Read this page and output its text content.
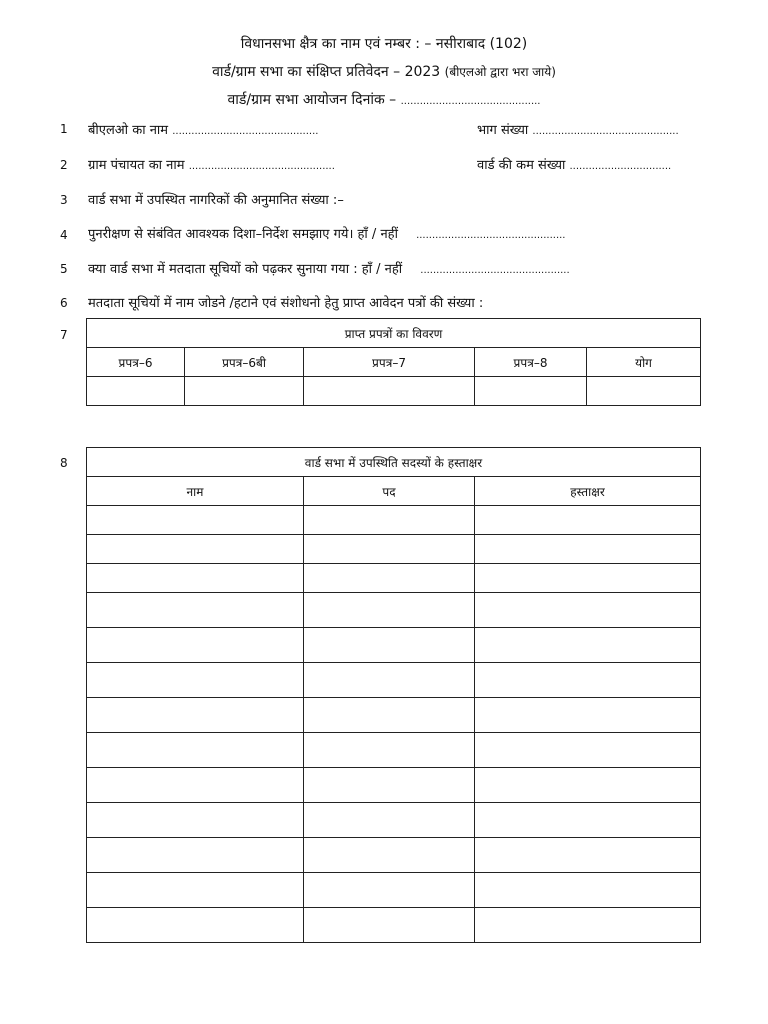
विधानसभा क्षैत्र का नाम एवं नम्बर : – नसीराबाद (102)
वार्ड/ग्राम सभा का संक्षिप्त प्रतिवेदन – 2023 (बीएलओ द्वारा भरा जाये)
वार्ड/ग्राम सभा आयोजन दिनांक – ............................................
1 बीएलओ का नाम ..............................................	भाग संख्या ..............................................
2 ग्राम पंचायत का नाम ..............................................	वार्ड की कम संख्या ................................
3 वार्ड सभा में उपस्थित नागरिकों की अनुमानित संख्या :–
4 पुनरीक्षण से संबंवित आवश्यक दिशा–निर्देश समझाए गये। हॉं / नहीं ...............................................
5 क्या वार्ड सभा में मतदाता सूचियों को पढ़कर सुनाया गया : हॉं / नहीं ...............................................
6 मतदाता सूचियों में नाम जोडने /हटाने एवं संशोधनो हेतु प्राप्त आवेदन पत्रों की संख्या :
7	प्राप्त प्रपत्रों का विवरण				
प्रपत्र–6	प्रपत्र–6बी	प्रपत्र–7	प्रपत्र–8	योग

8	वार्ड सभा में उपस्थिति सदस्यों के हस्ताक्षर		
नाम	पद	हस्ताक्षर
